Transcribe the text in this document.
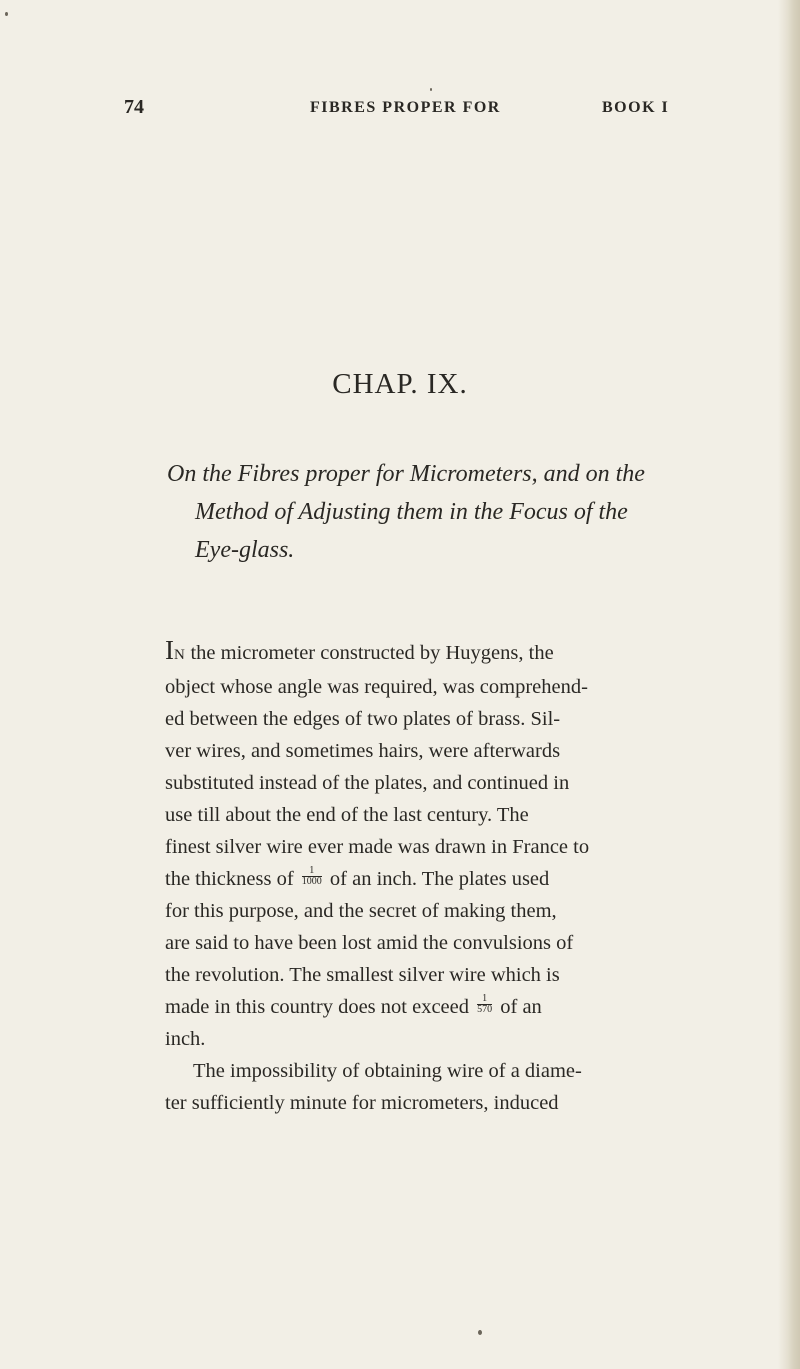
74	FIBRES PROPER FOR	BOOK I
CHAP. IX.
On the Fibres proper for Micrometers, and on the
Method of Adjusting them in the Focus of the
Eye-glass.
IN the micrometer constructed by Huygens, the
object whose angle was required, was comprehend-
ed between the edges of two plates of brass. Sil-
ver wires, and sometimes hairs, were afterwards
substituted instead of the plates, and continued in
use till about the end of the last century. The
finest silver wire ever made was drawn in France to
the thickness of $\frac{1}{1000}$ of an inch. The plates used
for this purpose, and the secret of making them,
are said to have been lost amid the convulsions of
the revolution. The smallest silver wire which is
made in this country does not exceed $\frac{1}{570}$ of an
inch.
The impossibility of obtaining wire of a diame-
ter sufficiently minute for micrometers, induced
